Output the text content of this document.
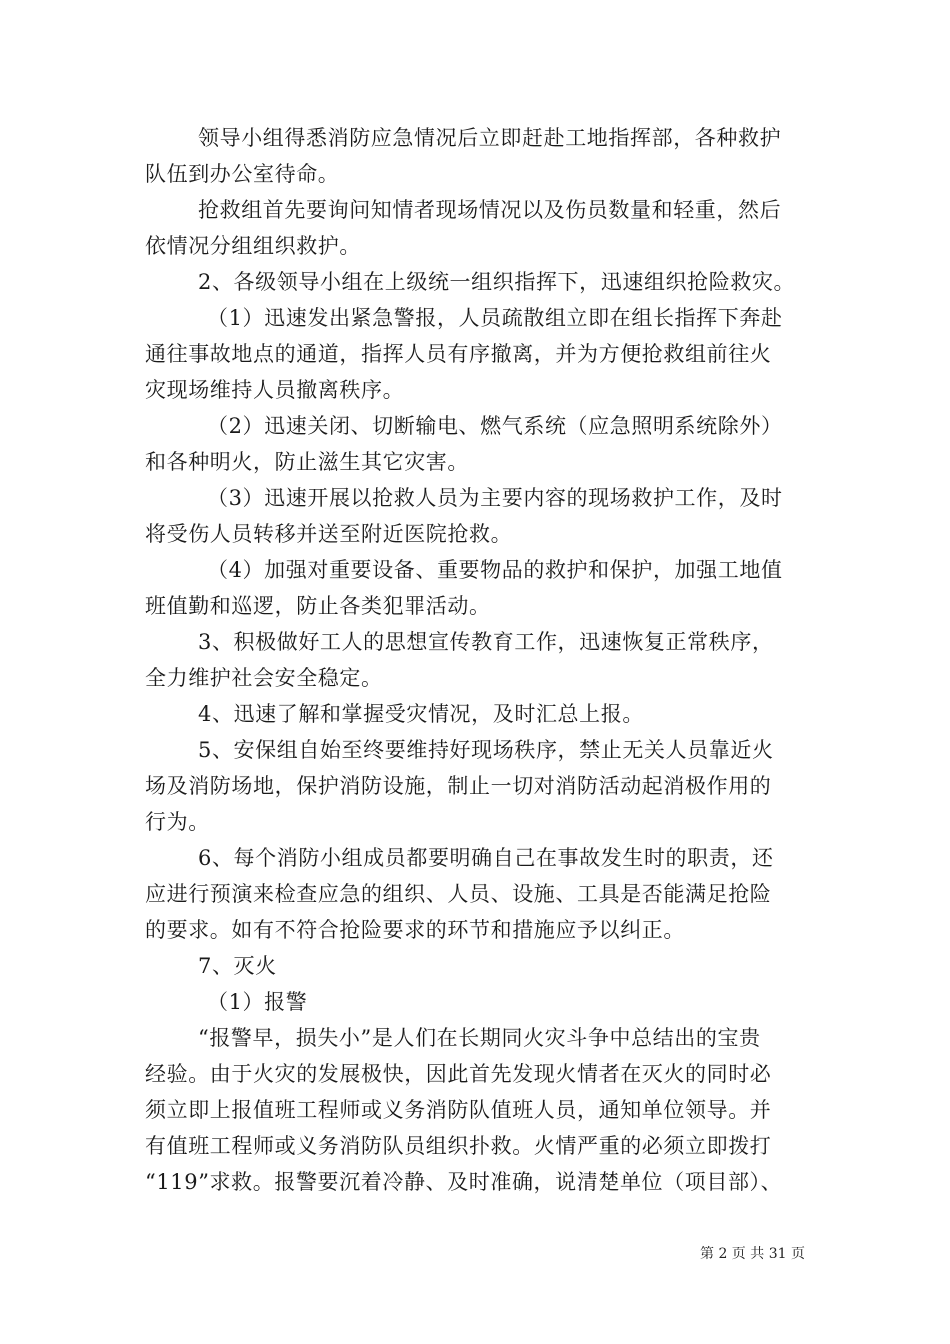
领导小组得悉消防应急情况后立即赶赴工地指挥部，各种救护
队伍到办公室待命。
抢救组首先要询问知情者现场情况以及伤员数量和轻重，然后
依情况分组组织救护。
2、各级领导小组在上级统一组织指挥下，迅速组织抢险救灾。
（1）迅速发出紧急警报，人员疏散组立即在组长指挥下奔赴
通往事故地点的通道，指挥人员有序撤离，并为方便抢救组前往火
灾现场维持人员撤离秩序。
（2）迅速关闭、切断输电、燃气系统（应急照明系统除外）
和各种明火，防止滋生其它灾害。
（3）迅速开展以抢救人员为主要内容的现场救护工作，及时
将受伤人员转移并送至附近医院抢救。
（4）加强对重要设备、重要物品的救护和保护，加强工地值
班值勤和巡逻，防止各类犯罪活动。
3、积极做好工人的思想宣传教育工作，迅速恢复正常秩序，
全力维护社会安全稳定。
4、迅速了解和掌握受灾情况，及时汇总上报。
5、安保组自始至终要维持好现场秩序，禁止无关人员靠近火
场及消防场地，保护消防设施，制止一切对消防活动起消极作用的
行为。
6、每个消防小组成员都要明确自己在事故发生时的职责，还
应进行预演来检查应急的组织、人员、设施、工具是否能满足抢险
的要求。如有不符合抢险要求的环节和措施应予以纠正。
7、灭火
（1）报警
“报警早，损失小”是人们在长期同火灾斗争中总结出的宝贵
经验。由于火灾的发展极快，因此首先发现火情者在灭火的同时必
须立即上报值班工程师或义务消防队值班人员，通知单位领导。并
有值班工程师或义务消防队员组织扑救。火情严重的必须立即拨打
“119”求救。报警要沉着冷静、及时准确，说清楚单位（项目部）、
第 2 页 共 31 页
